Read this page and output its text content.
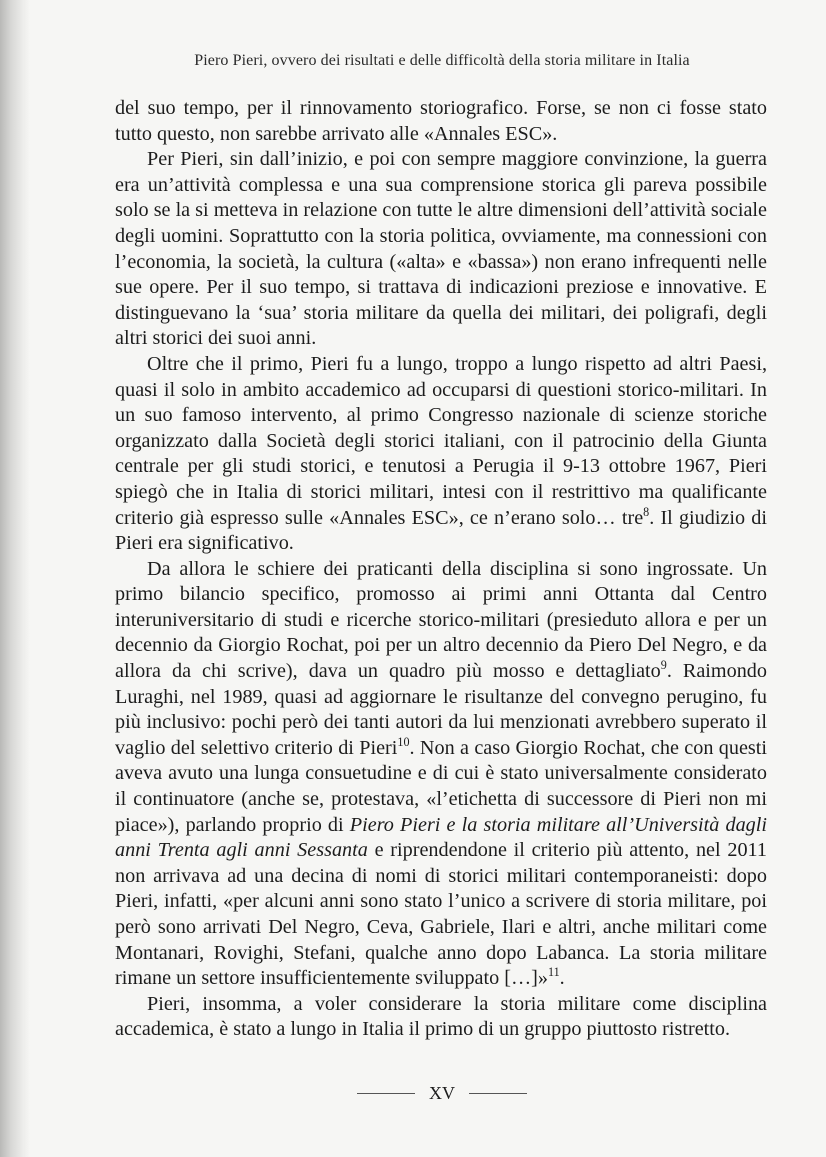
Piero Pieri, ovvero dei risultati e delle difficoltà della storia militare in Italia

del suo tempo, per il rinnovamento storiografico. Forse, se non ci fosse stato tutto questo, non sarebbe arrivato alle «Annales ESC».

Per Pieri, sin dall’inizio, e poi con sempre maggiore convinzione, la guerra era un’attività complessa e una sua comprensione storica gli pareva possibile solo se la si metteva in relazione con tutte le altre dimensioni dell’attività sociale degli uomini. Soprattutto con la storia politica, ovviamente, ma connessioni con l’economia, la società, la cultura («alta» e «bassa») non erano infrequenti nelle sue opere. Per il suo tempo, si trattava di indicazioni preziose e innovative. E distinguevano la ‘sua’ storia militare da quella dei militari, dei poligrafi, degli altri storici dei suoi anni.

Oltre che il primo, Pieri fu a lungo, troppo a lungo rispetto ad altri Paesi, quasi il solo in ambito accademico ad occuparsi di questioni storico-militari. In un suo famoso intervento, al primo Congresso nazionale di scienze storiche organizzato dalla Società degli storici italiani, con il patrocinio della Giunta centrale per gli studi storici, e tenutosi a Perugia il 9-13 ottobre 1967, Pieri spiegò che in Italia di storici militari, intesi con il restrittivo ma qualificante criterio già espresso sulle «Annales ESC», ce n’erano solo… tre$^8$. Il giudizio di Pieri era significativo.

Da allora le schiere dei praticanti della disciplina si sono ingrossate. Un primo bilancio specifico, promosso ai primi anni Ottanta dal Centro interuniversitario di studi e ricerche storico-militari (presieduto allora e per un decennio da Giorgio Rochat, poi per un altro decennio da Piero Del Negro, e da allora da chi scrive), dava un quadro più mosso e dettagliato$^9$. Raimondo Luraghi, nel 1989, quasi ad aggiornare le risultanze del convegno perugino, fu più inclusivo: pochi però dei tanti autori da lui menzionati avrebbero superato il vaglio del selettivo criterio di Pieri$^{10}$. Non a caso Giorgio Rochat, che con questi aveva avuto una lunga consuetudine e di cui è stato universalmente considerato il continuatore (anche se, protestava, «l’etichetta di successore di Pieri non mi piace»), parlando proprio di Piero Pieri e la storia militare all’Università dagli anni Trenta agli anni Sessanta e riprendendone il criterio più attento, nel 2011 non arrivava ad una decina di nomi di storici militari contemporaneisti: dopo Pieri, infatti, «per alcuni anni sono stato l’unico a scrivere di storia militare, poi però sono arrivati Del Negro, Ceva, Gabriele, Ilari e altri, anche militari come Montanari, Rovighi, Stefani, qualche anno dopo Labanca. La storia militare rimane un settore insufficientemente sviluppato […]»$^{11}$.

Pieri, insomma, a voler considerare la storia militare come disciplina accademica, è stato a lungo in Italia il primo di un gruppo piuttosto ristretto.

XV
